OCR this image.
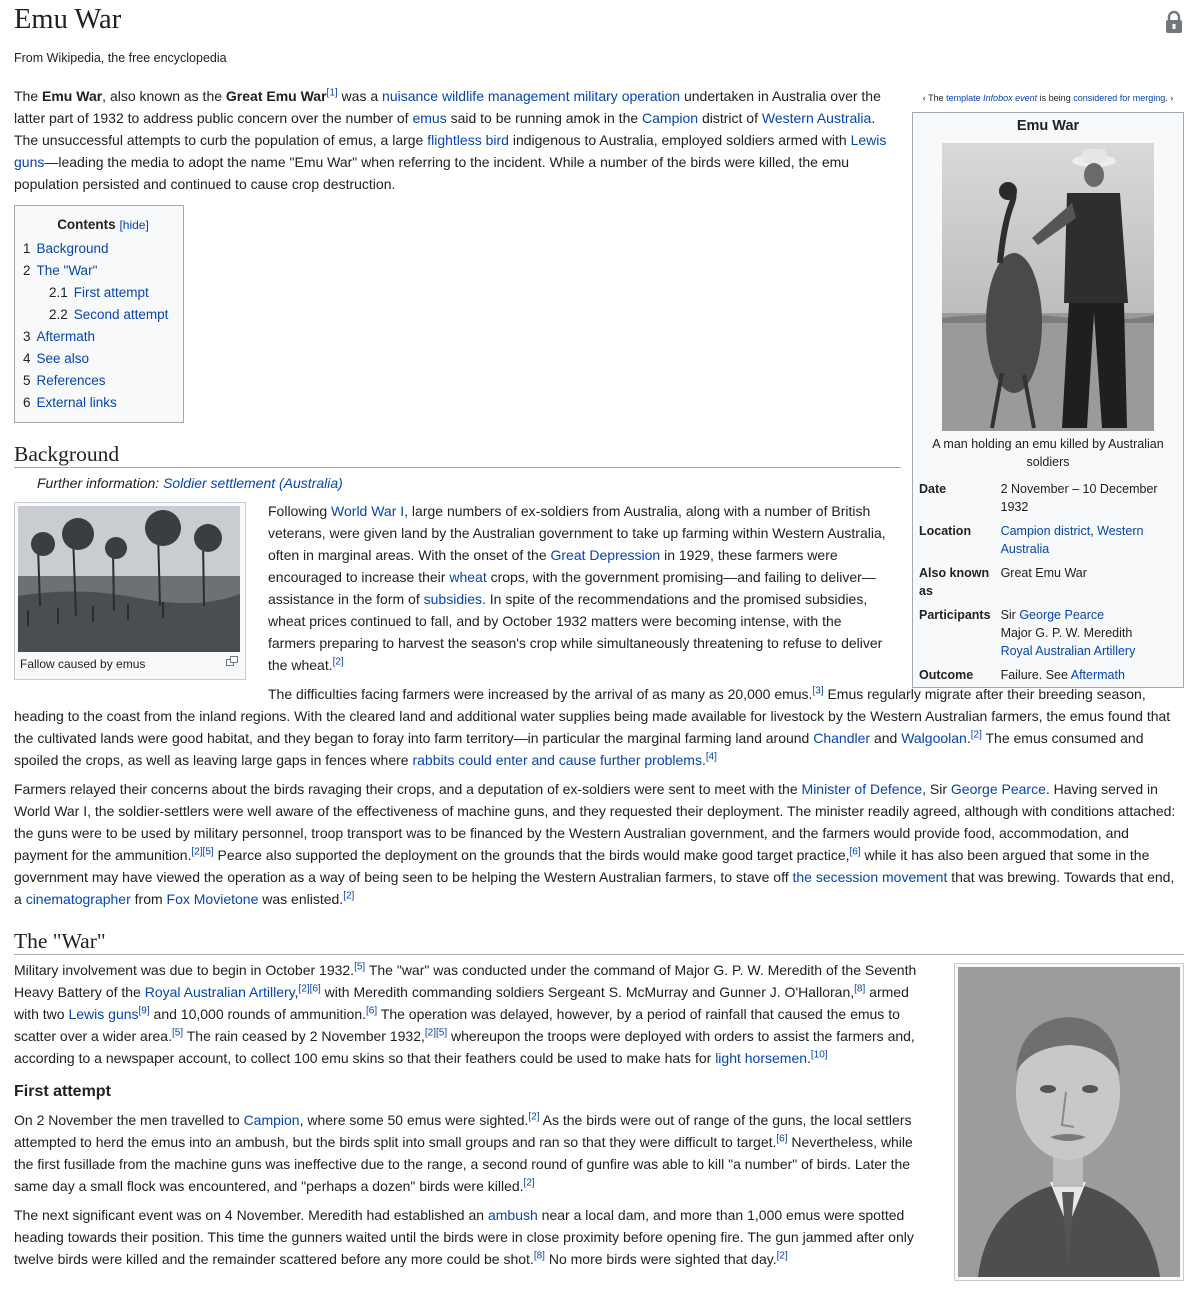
Emu War
From Wikipedia, the free encyclopedia
‹ The template Infobox event is being considered for merging. ›
Emu War
A man holding an emu killed by Australian soldiers
Date	2 November – 10 December 1932
Location	Campion district, Western Australia
Also known as	Great Emu War
Participants	Sir George Pearce
Major G. P. W. Meredith
Royal Australian Artillery
Outcome	Failure. See Aftermath

The Emu War, also known as the Great Emu War[1] was a nuisance wildlife management military operation undertaken in Australia over the latter part of 1932 to address public concern over the number of emus said to be running amok in the Campion district of Western Australia. The unsuccessful attempts to curb the population of emus, a large flightless bird indigenous to Australia, employed soldiers armed with Lewis guns—leading the media to adopt the name "Emu War" when referring to the incident. While a number of the birds were killed, the emu population persisted and continued to cause crop destruction.

Contents [hide]
1 Background
2 The "War"
2.1 First attempt
2.2 Second attempt
3 Aftermath
4 See also
5 References
6 External links
Background
Further information: Soldier settlement (Australia)
Fallow caused by emus

Following World War I, large numbers of ex-soldiers from Australia, along with a number of British veterans, were given land by the Australian government to take up farming within Western Australia, often in marginal areas. With the onset of the Great Depression in 1929, these farmers were encouraged to increase their wheat crops, with the government promising—and failing to deliver—assistance in the form of subsidies. In spite of the recommendations and the promised subsidies, wheat prices continued to fall, and by October 1932 matters were becoming intense, with the farmers preparing to harvest the season's crop while simultaneously threatening to refuse to deliver the wheat.[2]

The difficulties facing farmers were increased by the arrival of as many as 20,000 emus.[3] Emus regularly migrate after their breeding season, heading to the coast from the inland regions. With the cleared land and additional water supplies being made available for livestock by the Western Australian farmers, the emus found that the cultivated lands were good habitat, and they began to foray into farm territory—in particular the marginal farming land around Chandler and Walgoolan.[2] The emus consumed and spoiled the crops, as well as leaving large gaps in fences where rabbits could enter and cause further problems.[4]

Farmers relayed their concerns about the birds ravaging their crops, and a deputation of ex-soldiers were sent to meet with the Minister of Defence, Sir George Pearce. Having served in World War I, the soldier-settlers were well aware of the effectiveness of machine guns, and they requested their deployment. The minister readily agreed, although with conditions attached: the guns were to be used by military personnel, troop transport was to be financed by the Western Australian government, and the farmers would provide food, accommodation, and payment for the ammunition.[2][5] Pearce also supported the deployment on the grounds that the birds would make good target practice,[6] while it has also been argued that some in the government may have viewed the operation as a way of being seen to be helping the Western Australian farmers, to stave off the secession movement that was brewing. Towards that end, a cinematographer from Fox Movietone was enlisted.[2]

The "War"

Military involvement was due to begin in October 1932.[5] The "war" was conducted under the command of Major G. P. W. Meredith of the Seventh Heavy Battery of the Royal Australian Artillery,[2][6] with Meredith commanding soldiers Sergeant S. McMurray and Gunner J. O'Halloran,[8] armed with two Lewis guns[9] and 10,000 rounds of ammunition.[6] The operation was delayed, however, by a period of rainfall that caused the emus to scatter over a wider area.[5] The rain ceased by 2 November 1932,[2][5] whereupon the troops were deployed with orders to assist the farmers and, according to a newspaper account, to collect 100 emu skins so that their feathers could be used to make hats for light horsemen.[10]

First attempt

On 2 November the men travelled to Campion, where some 50 emus were sighted.[2] As the birds were out of range of the guns, the local settlers attempted to herd the emus into an ambush, but the birds split into small groups and ran so that they were difficult to target.[6] Nevertheless, while the first fusillade from the machine guns was ineffective due to the range, a second round of gunfire was able to kill "a number" of birds. Later the same day a small flock was encountered, and "perhaps a dozen" birds were killed.[2]

The next significant event was on 4 November. Meredith had established an ambush near a local dam, and more than 1,000 emus were spotted heading towards their position. This time the gunners waited until the birds were in close proximity before opening fire. The gun jammed after only twelve birds were killed and the remainder scattered before any more could be shot.[8] No more birds were sighted that day.[2]
